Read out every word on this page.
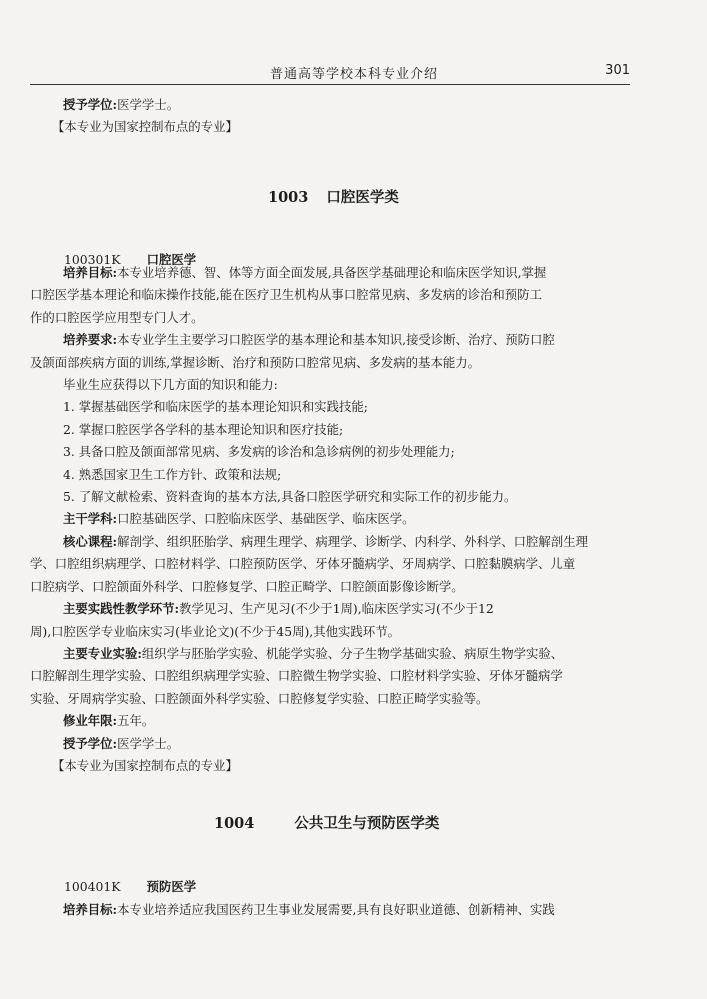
普通高等学校本科专业介绍	301
授予学位:医学学士。
【本专业为国家控制布点的专业】
1003 口腔医学类
100301K 口腔医学
培养目标:本专业培养德、智、体等方面全面发展,具备医学基础理论和临床医学知识,掌握
口腔医学基本理论和临床操作技能,能在医疗卫生机构从事口腔常见病、多发病的诊治和预防工
作的口腔医学应用型专门人才。
培养要求:本专业学生主要学习口腔医学的基本理论和基本知识,接受诊断、治疗、预防口腔
及颌面部疾病方面的训练,掌握诊断、治疗和预防口腔常见病、多发病的基本能力。
毕业生应获得以下几方面的知识和能力:
1. 掌握基础医学和临床医学的基本理论知识和实践技能;
2. 掌握口腔医学各学科的基本理论知识和医疗技能;
3. 具备口腔及颌面部常见病、多发病的诊治和急诊病例的初步处理能力;
4. 熟悉国家卫生工作方针、政策和法规;
5. 了解文献检索、资料查询的基本方法,具备口腔医学研究和实际工作的初步能力。
主干学科:口腔基础医学、口腔临床医学、基础医学、临床医学。
核心课程:解剖学、组织胚胎学、病理生理学、病理学、诊断学、内科学、外科学、口腔解剖生理
学、口腔组织病理学、口腔材料学、口腔预防医学、牙体牙髓病学、牙周病学、口腔黏膜病学、儿童
口腔病学、口腔颌面外科学、口腔修复学、口腔正畸学、口腔颌面影像诊断学。
主要实践性教学环节:教学见习、生产见习(不少于1周),临床医学实习(不少于12
周),口腔医学专业临床实习(毕业论文)(不少于45周),其他实践环节。
主要专业实验:组织学与胚胎学实验、机能学实验、分子生物学基础实验、病原生物学实验、
口腔解剖生理学实验、口腔组织病理学实验、口腔微生物学实验、口腔材料学实验、牙体牙髓病学
实验、牙周病学实验、口腔颌面外科学实验、口腔修复学实验、口腔正畸学实验等。
修业年限:五年。
授予学位:医学学士。
【本专业为国家控制布点的专业】
1004	公共卫生与预防医学类
100401K 预防医学
培养目标:本专业培养适应我国医药卫生事业发展需要,具有良好职业道德、创新精神、实践
